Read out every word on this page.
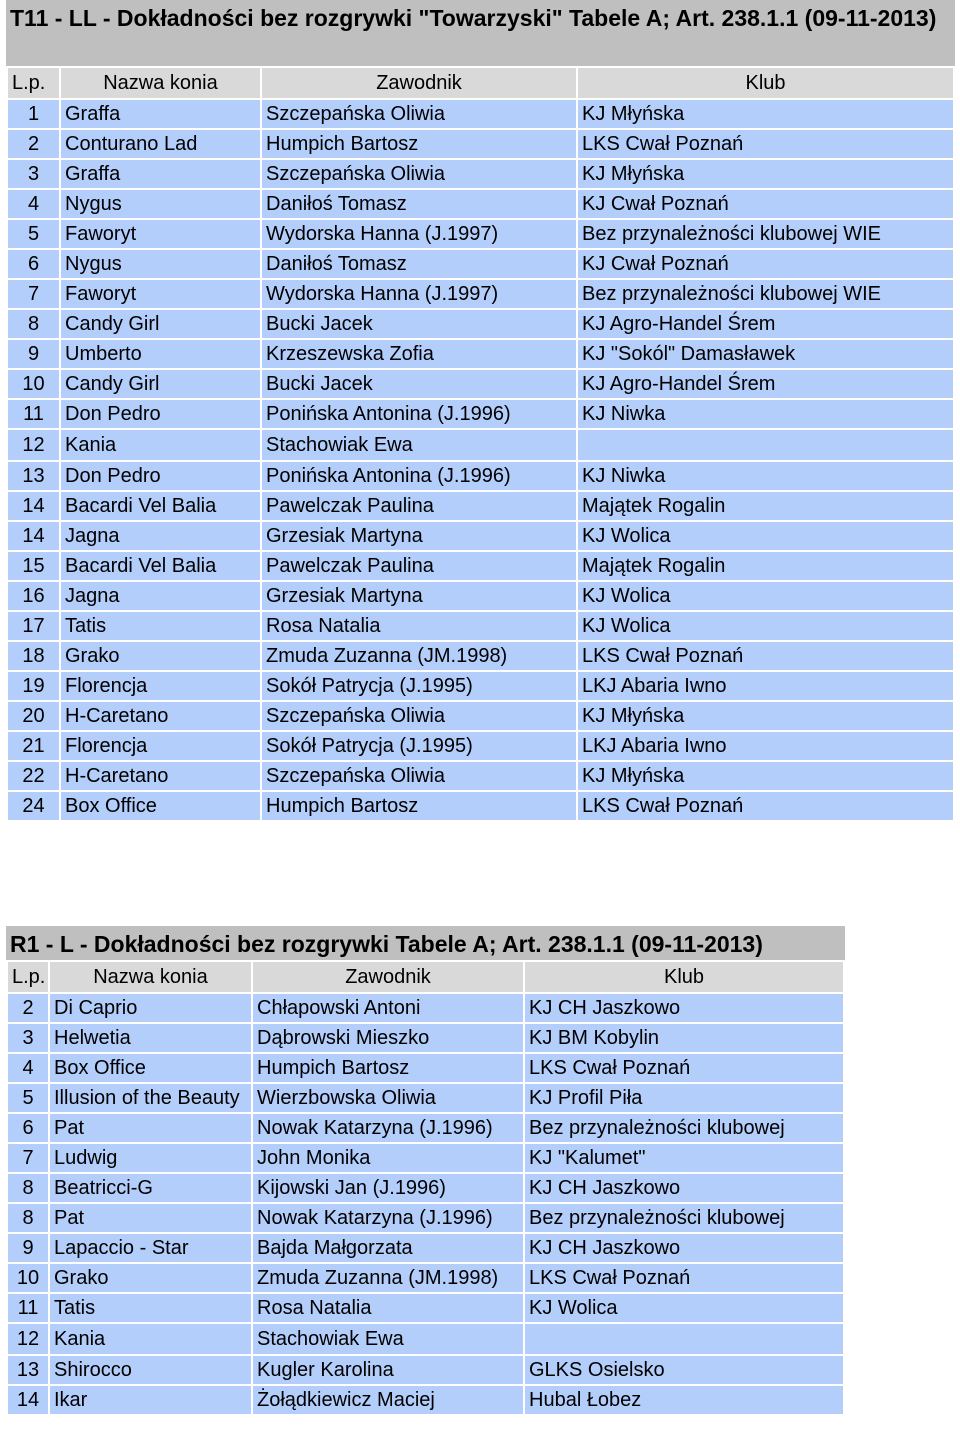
T11 - LL - Dokładności bez rozgrywki "Towarzyski" Tabele A; Art. 238.1.1 (09-11-2013)
L.p.	Nazwa konia	Zawodnik	Klub
1	Graffa	Szczepańska Oliwia	KJ Młyńska
2	Conturano Lad	Humpich Bartosz	LKS Cwał Poznań
3	Graffa	Szczepańska Oliwia	KJ Młyńska
4	Nygus	Daniłoś Tomasz	KJ Cwał Poznań
5	Faworyt	Wydorska Hanna (J.1997)	Bez przynależności klubowej WIE
6	Nygus	Daniłoś Tomasz	KJ Cwał Poznań
7	Faworyt	Wydorska Hanna (J.1997)	Bez przynależności klubowej WIE
8	Candy Girl	Bucki Jacek	KJ Agro-Handel Śrem
9	Umberto	Krzeszewska Zofia	KJ "Sokól" Damasławek
10	Candy Girl	Bucki Jacek	KJ Agro-Handel Śrem
11	Don Pedro	Ponińska Antonina (J.1996)	KJ Niwka
12	Kania	Stachowiak Ewa	
13	Don Pedro	Ponińska Antonina (J.1996)	KJ Niwka
14	Bacardi Vel Balia	Pawelczak Paulina	Majątek Rogalin
14	Jagna	Grzesiak Martyna	KJ Wolica
15	Bacardi Vel Balia	Pawelczak Paulina	Majątek Rogalin
16	Jagna	Grzesiak Martyna	KJ Wolica
17	Tatis	Rosa Natalia	KJ Wolica
18	Grako	Zmuda Zuzanna (JM.1998)	LKS Cwał Poznań
19	Florencja	Sokół Patrycja (J.1995)	LKJ Abaria Iwno
20	H-Caretano	Szczepańska Oliwia	KJ Młyńska
21	Florencja	Sokół Patrycja (J.1995)	LKJ Abaria Iwno
22	H-Caretano	Szczepańska Oliwia	KJ Młyńska
24	Box Office	Humpich Bartosz	LKS Cwał Poznań
R1 - L - Dokładności bez rozgrywki Tabele A; Art. 238.1.1 (09-11-2013)
L.p.	Nazwa konia	Zawodnik	Klub
2	Di Caprio	Chłapowski Antoni	KJ CH Jaszkowo
3	Helwetia	Dąbrowski Mieszko	KJ BM Kobylin
4	Box Office	Humpich Bartosz	LKS Cwał Poznań
5	Illusion of the Beauty	Wierzbowska Oliwia	KJ Profil Piła
6	Pat	Nowak Katarzyna (J.1996)	Bez przynależności klubowej
7	Ludwig	John Monika	KJ "Kalumet"
8	Beatricci-G	Kijowski Jan (J.1996)	KJ CH Jaszkowo
8	Pat	Nowak Katarzyna (J.1996)	Bez przynależności klubowej
9	Lapaccio - Star	Bajda Małgorzata	KJ CH Jaszkowo
10	Grako	Zmuda Zuzanna (JM.1998)	LKS Cwał Poznań
11	Tatis	Rosa Natalia	KJ Wolica
12	Kania	Stachowiak Ewa	
13	Shirocco	Kugler Karolina	GLKS Osielsko
14	Ikar	Żołądkiewicz Maciej	Hubal Łobez
